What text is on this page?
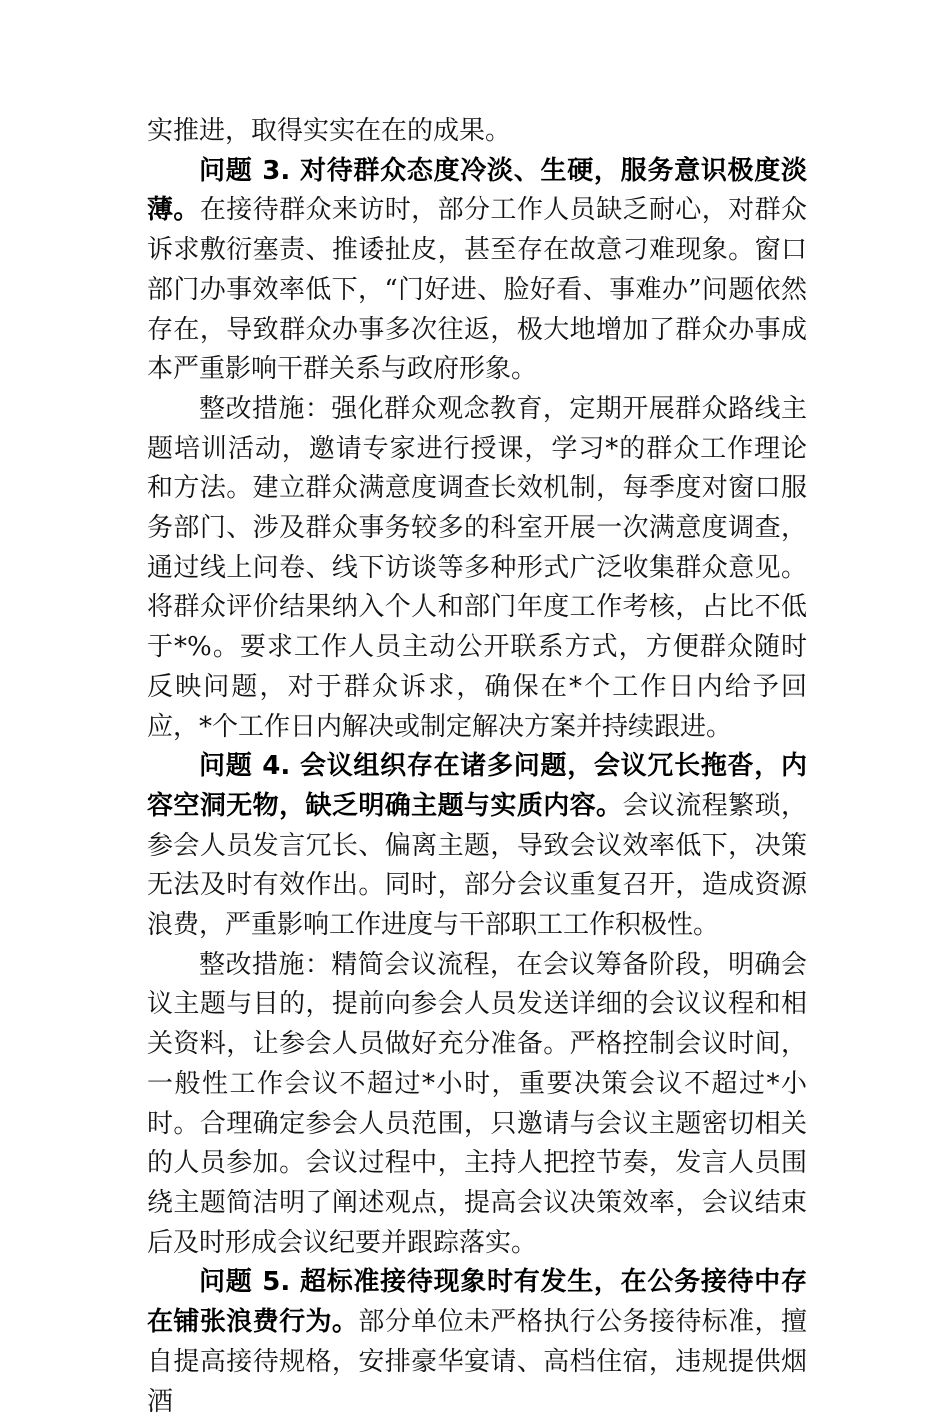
实推进，取得实实在在的成果。

问题 3. 对待群众态度冷淡、生硬，服务意识极度淡薄。在接待群众来访时，部分工作人员缺乏耐心，对群众诉求敷衍塞责、推诿扯皮，甚至存在故意刁难现象。窗口部门办事效率低下，“门好进、脸好看、事难办”问题依然存在，导致群众办事多次往返，极大地增加了群众办事成本严重影响干群关系与政府形象。

整改措施：强化群众观念教育，定期开展群众路线主题培训活动，邀请专家进行授课，学习*的群众工作理论和方法。建立群众满意度调查长效机制，每季度对窗口服务部门、涉及群众事务较多的科室开展一次满意度调查，通过线上问卷、线下访谈等多种形式广泛收集群众意见。将群众评价结果纳入个人和部门年度工作考核，占比不低于*%。要求工作人员主动公开联系方式，方便群众随时反映问题，对于群众诉求，确保在*个工作日内给予回应，*个工作日内解决或制定解决方案并持续跟进。

问题 4. 会议组织存在诸多问题，会议冗长拖沓，内容空洞无物，缺乏明确主题与实质内容。会议流程繁琐，参会人员发言冗长、偏离主题，导致会议效率低下，决策无法及时有效作出。同时，部分会议重复召开，造成资源浪费，严重影响工作进度与干部职工工作积极性。

整改措施：精简会议流程，在会议筹备阶段，明确会议主题与目的，提前向参会人员发送详细的会议议程和相关资料，让参会人员做好充分准备。严格控制会议时间，一般性工作会议不超过*小时，重要决策会议不超过*小时。合理确定参会人员范围，只邀请与会议主题密切相关的人员参加。会议过程中，主持人把控节奏，发言人员围绕主题简洁明了阐述观点，提高会议决策效率，会议结束后及时形成会议纪要并跟踪落实。

问题 5. 超标准接待现象时有发生，在公务接待中存在铺张浪费行为。部分单位未严格执行公务接待标准，擅自提高接待规格，安排豪华宴请、高档住宿，违规提供烟酒
